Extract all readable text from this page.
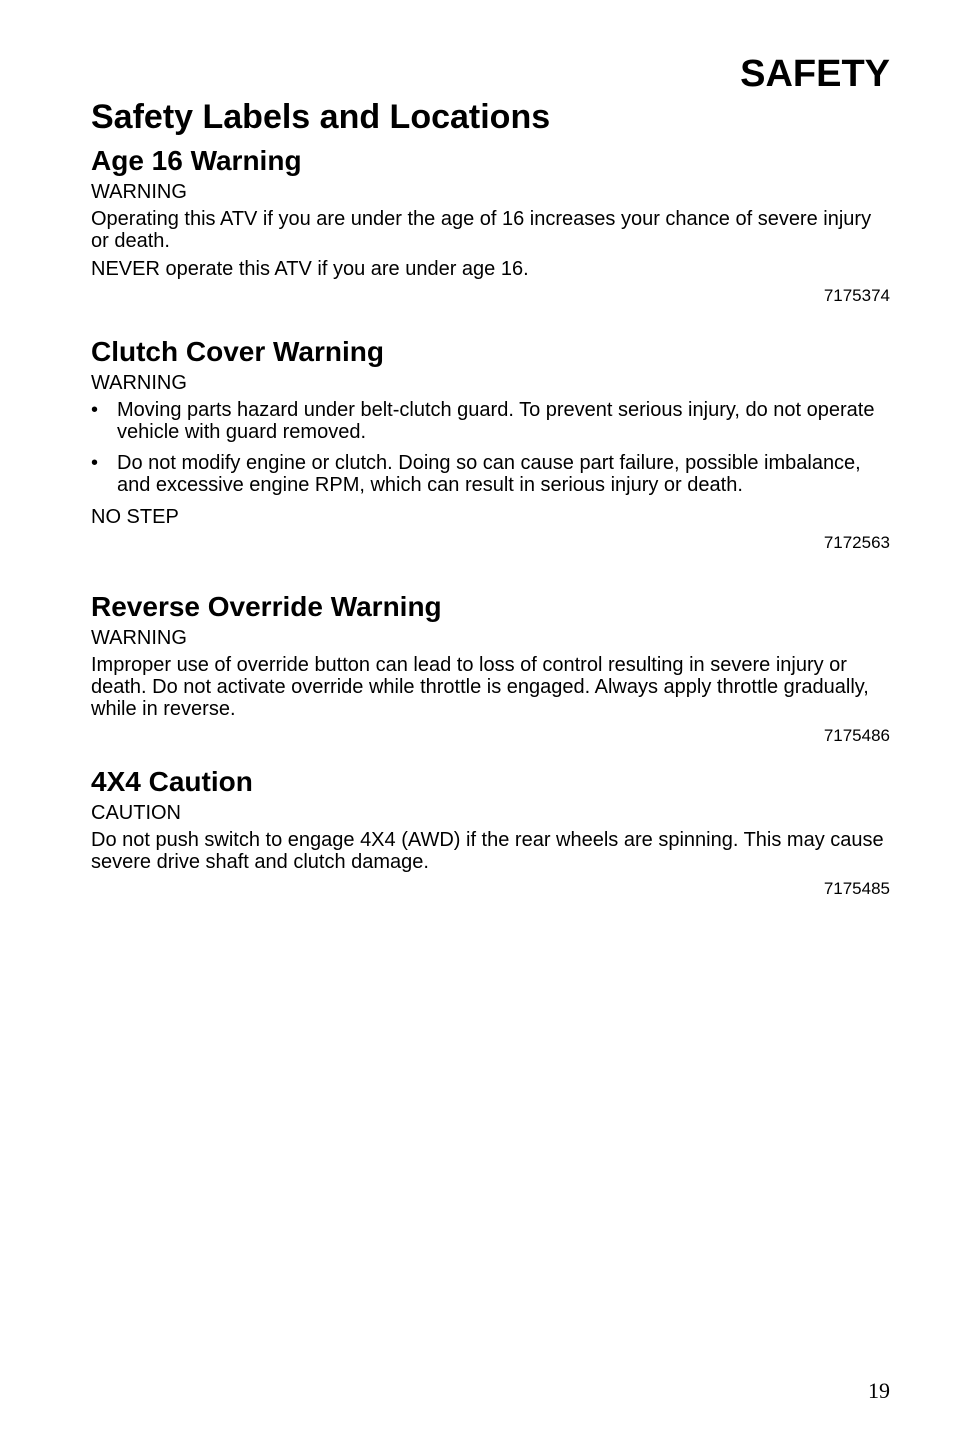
SAFETY
Safety Labels and Locations
Age 16 Warning
WARNING

Operating this ATV if you are under the age of 16 increases your chance of severe injury or death.

NEVER operate this ATV if you are under age 16.

7175374
Clutch Cover Warning
WARNING
• Moving parts hazard under belt-clutch guard. To prevent serious injury, do not operate vehicle with guard removed.
• Do not modify engine or clutch. Doing so can cause part failure, possible imbalance, and excessive engine RPM, which can result in serious injury or death.
NO STEP
7172563
Reverse Override Warning
WARNING

Improper use of override button can lead to loss of control resulting in severe injury or death. Do not activate override while throttle is engaged. Always apply throttle gradually, while in reverse.

7175486
4X4 Caution
CAUTION

Do not push switch to engage 4X4 (AWD) if the rear wheels are spinning. This may cause severe drive shaft and clutch damage.

7175485
19
